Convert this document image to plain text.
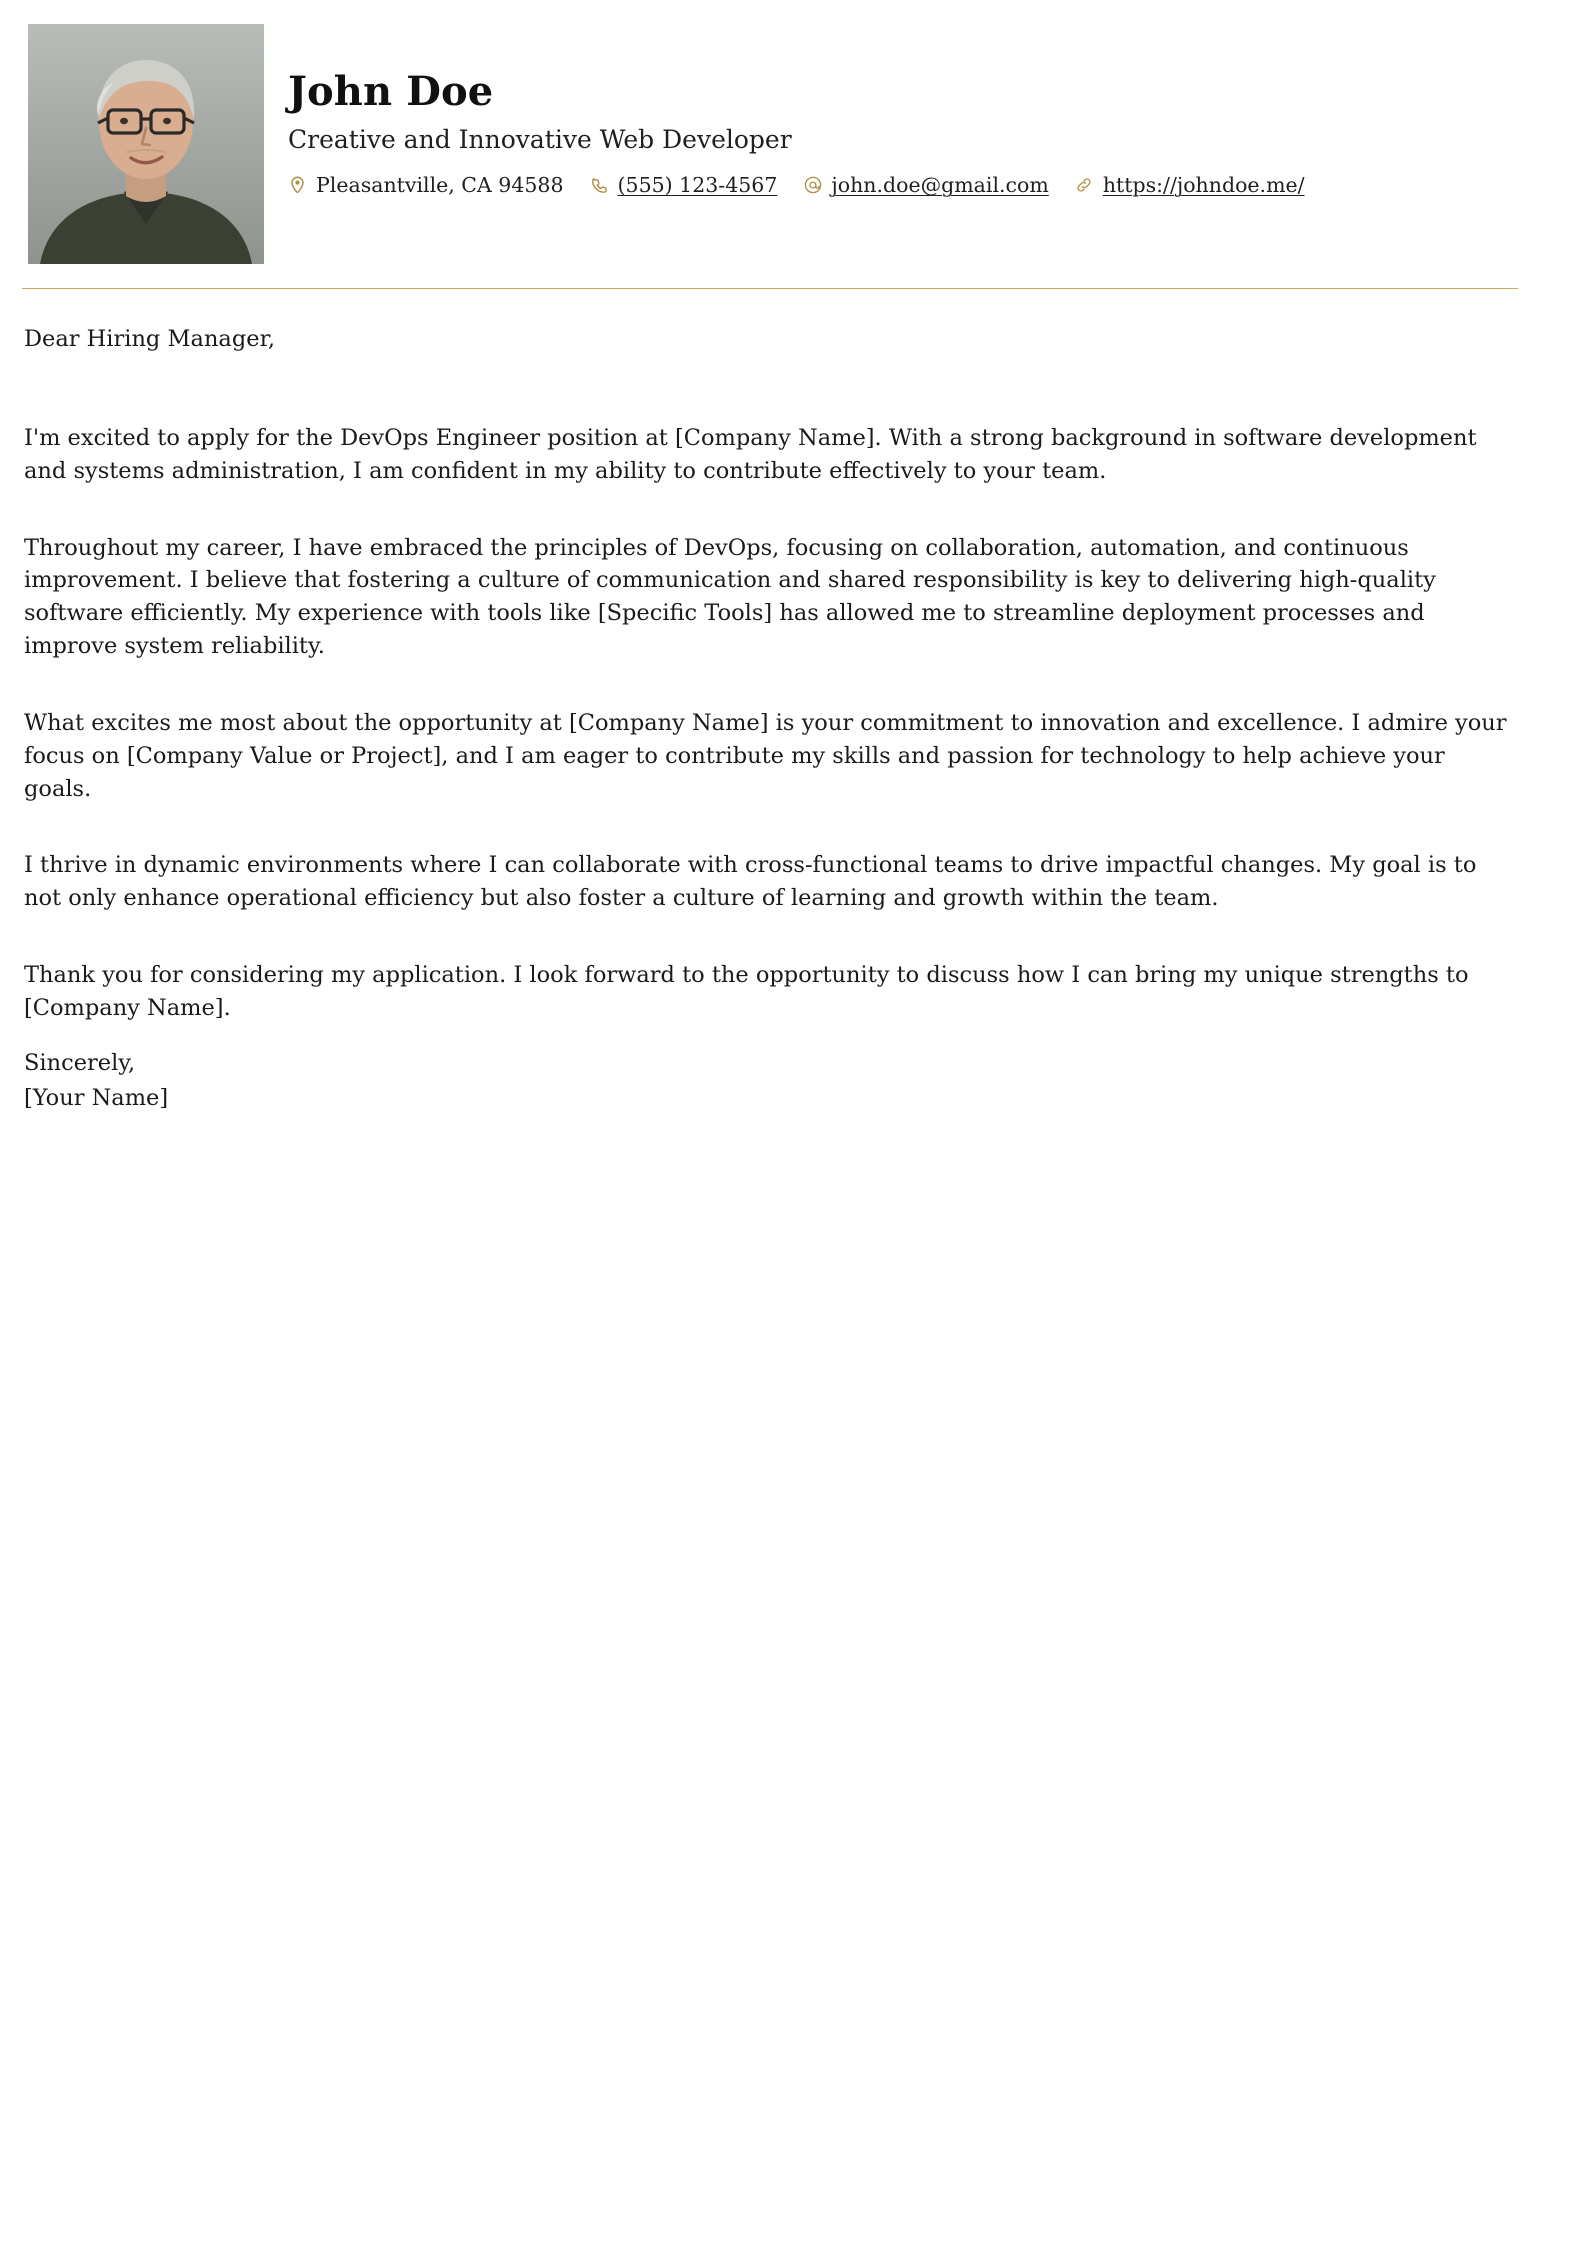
John Doe
Creative and Innovative Web Developer
Pleasantville, CA 94588	(555) 123-4567	john.doe@gmail.com	https://johndoe.me/

Dear Hiring Manager,

I'm excited to apply for the DevOps Engineer position at [Company Name]. With a strong background in software development and systems administration, I am confident in my ability to contribute effectively to your team.

Throughout my career, I have embraced the principles of DevOps, focusing on collaboration, automation, and continuous improvement. I believe that fostering a culture of communication and shared responsibility is key to delivering high-quality software efficiently. My experience with tools like [Specific Tools] has allowed me to streamline deployment processes and improve system reliability.

What excites me most about the opportunity at [Company Name] is your commitment to innovation and excellence. I admire your focus on [Company Value or Project], and I am eager to contribute my skills and passion for technology to help achieve your goals.

I thrive in dynamic environments where I can collaborate with cross-functional teams to drive impactful changes. My goal is to not only enhance operational efficiency but also foster a culture of learning and growth within the team.

Thank you for considering my application. I look forward to the opportunity to discuss how I can bring my unique strengths to [Company Name].

Sincerely,

[Your Name]
